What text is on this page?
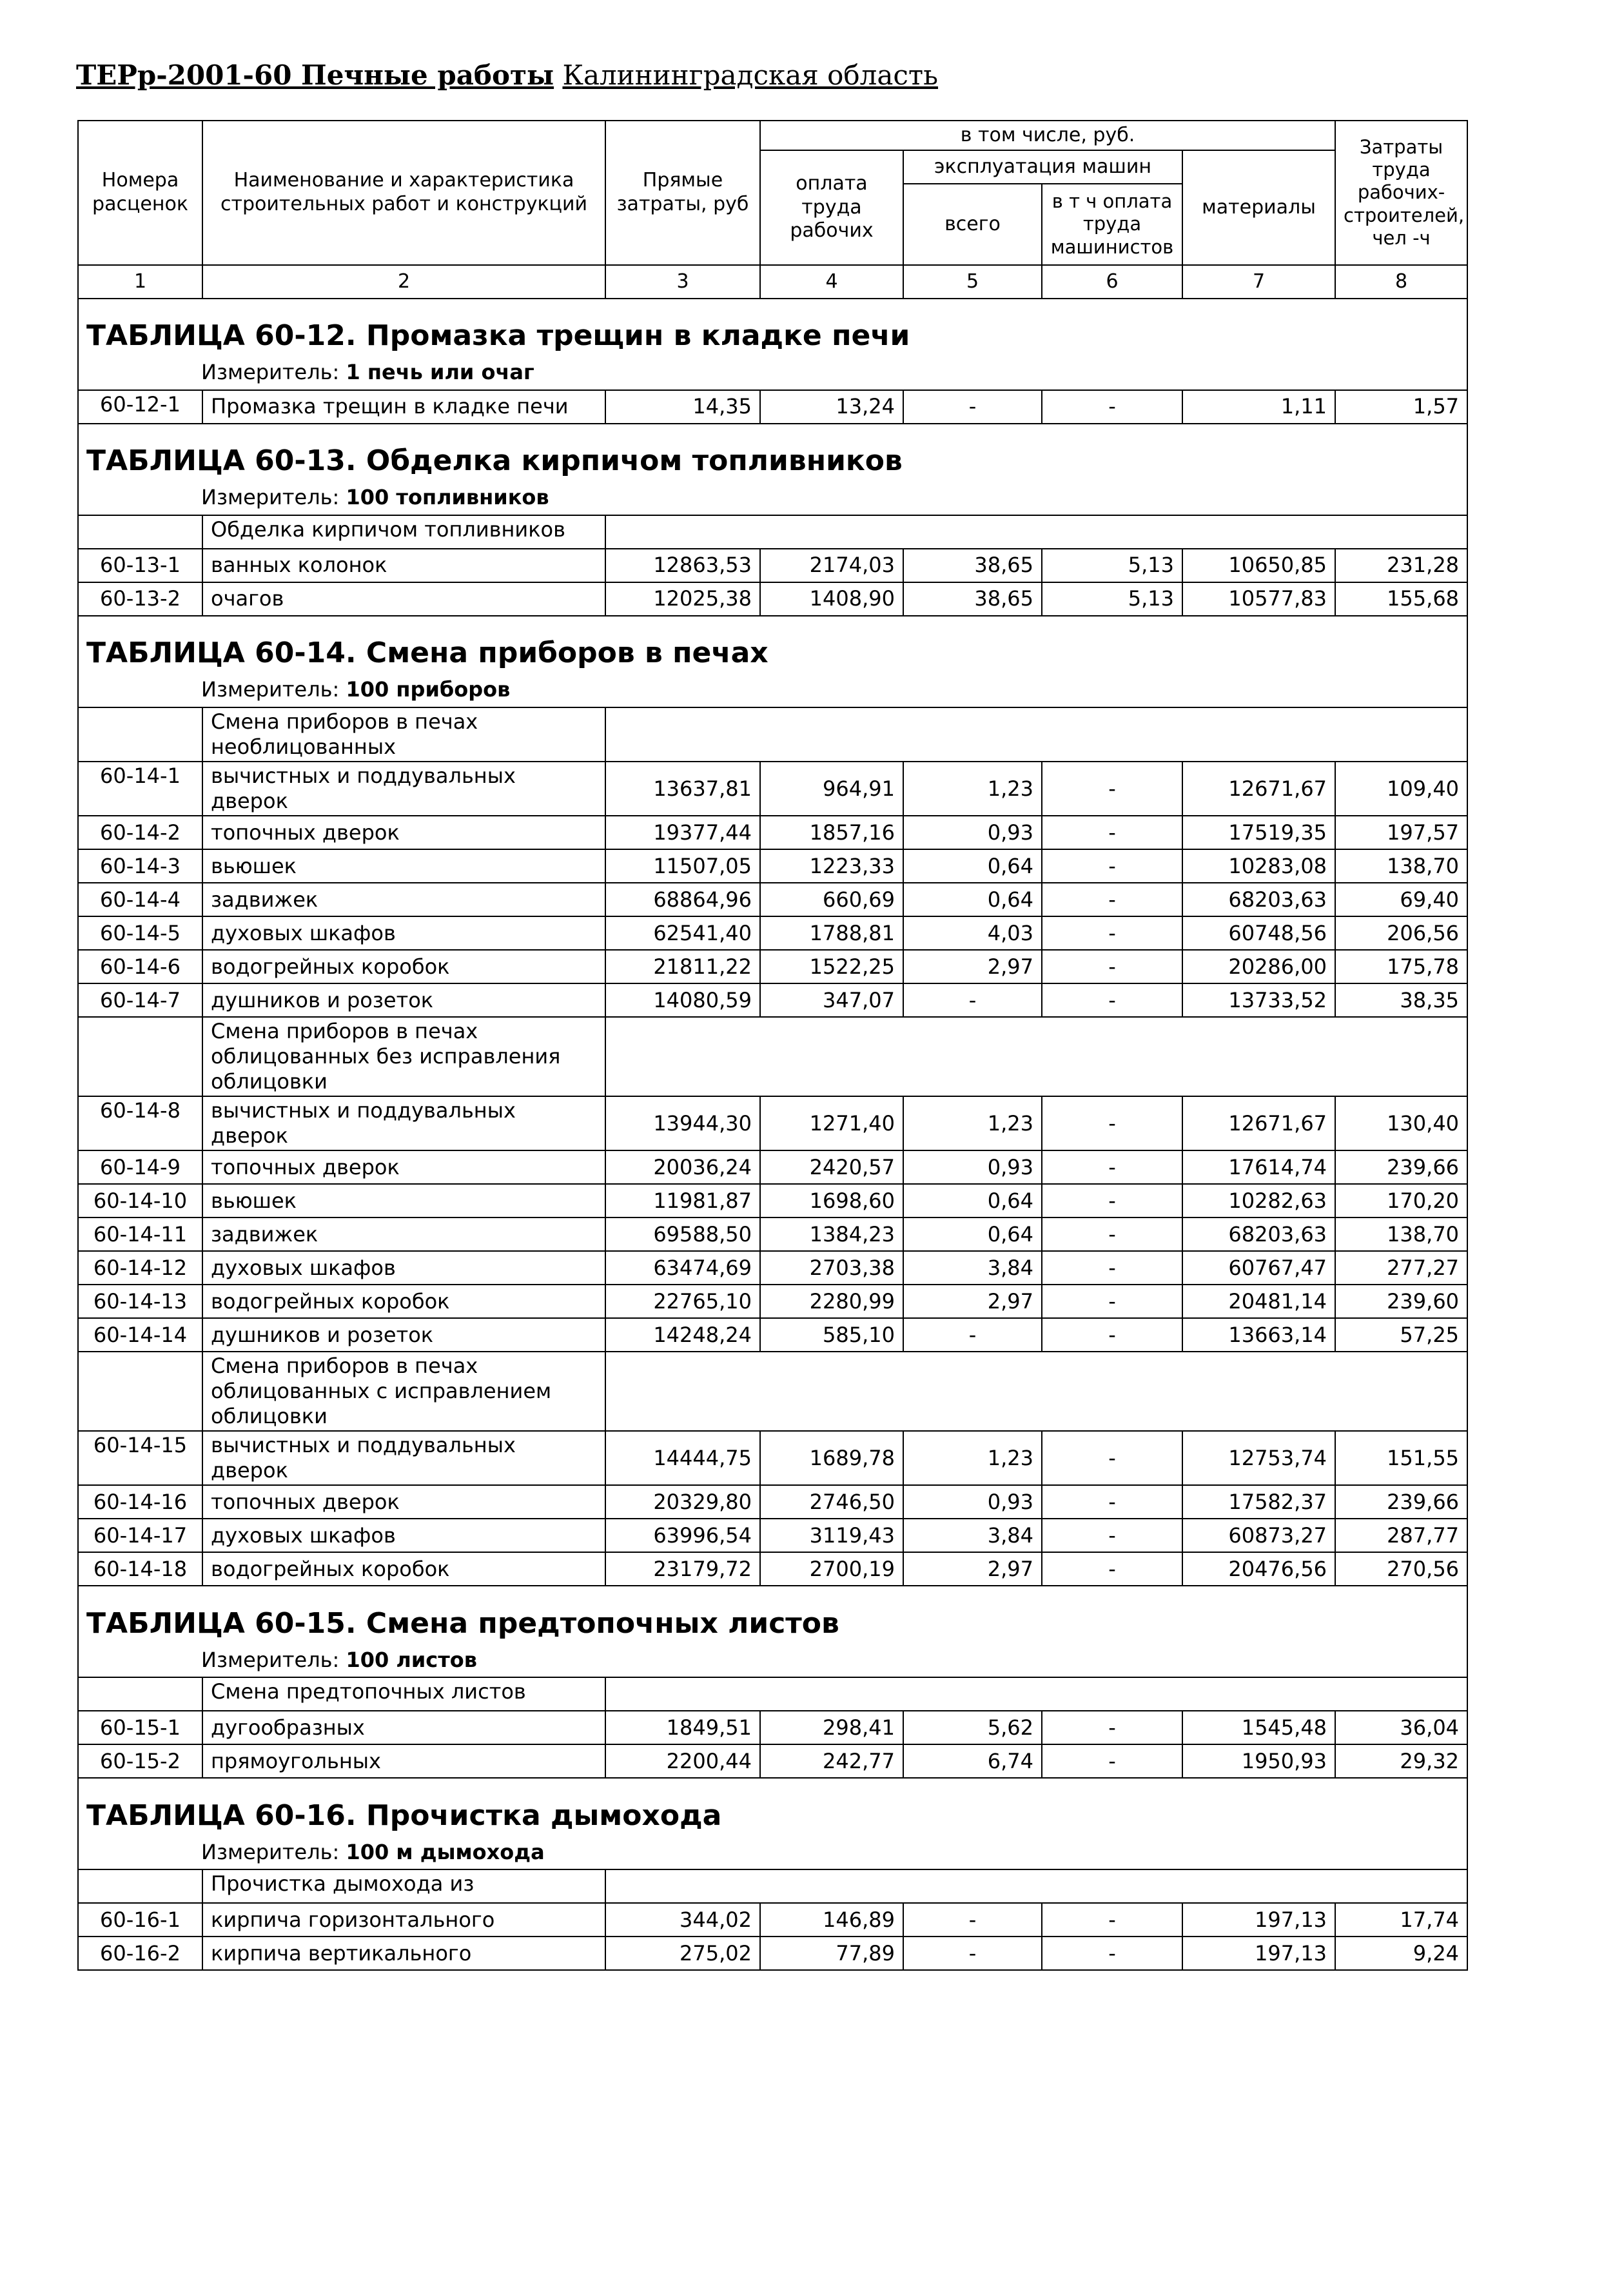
ТЕРр-2001-60 Печные работы Калининградская область
Номера расценок	Наименование и характеристика строительных работ и конструкций	Прямые затраты, руб	в том числе, руб.				Затраты труда рабочих-строителей, чел -ч
			оплата труда рабочих	эксплуатация машин		материалы	
				всего	в т ч оплата труда машинистов		
1	2	3	4	5	6	7	8
ТАБЛИЦА 60-12. Промазка трещин в кладке печи							
Измеритель: 1 печь или очаг							
60-12-1	Промазка трещин в кладке печи	14,35	13,24	-	-	1,11	1,57
ТАБЛИЦА 60-13. Обделка кирпичом топливников							
Измеритель: 100 топливников							
	Обделка кирпичом топливников						
60-13-1	ванных колонок	12863,53	2174,03	38,65	5,13	10650,85	231,28
60-13-2	очагов	12025,38	1408,90	38,65	5,13	10577,83	155,68
ТАБЛИЦА 60-14. Смена приборов в печах							
Измеритель: 100 приборов							
	Смена приборов в печах необлицованных						
60-14-1	вычистных и поддувальных дверок	13637,81	964,91	1,23	-	12671,67	109,40
60-14-2	топочных дверок	19377,44	1857,16	0,93	-	17519,35	197,57
60-14-3	вьюшек	11507,05	1223,33	0,64	-	10283,08	138,70
60-14-4	задвижек	68864,96	660,69	0,64	-	68203,63	69,40
60-14-5	духовых шкафов	62541,40	1788,81	4,03	-	60748,56	206,56
60-14-6	водогрейных коробок	21811,22	1522,25	2,97	-	20286,00	175,78
60-14-7	душников и розеток	14080,59	347,07	-	-	13733,52	38,35
	Смена приборов в печах облицованных без исправления облицовки						
60-14-8	вычистных и поддувальных дверок	13944,30	1271,40	1,23	-	12671,67	130,40
60-14-9	топочных дверок	20036,24	2420,57	0,93	-	17614,74	239,66
60-14-10	вьюшек	11981,87	1698,60	0,64	-	10282,63	170,20
60-14-11	задвижек	69588,50	1384,23	0,64	-	68203,63	138,70
60-14-12	духовых шкафов	63474,69	2703,38	3,84	-	60767,47	277,27
60-14-13	водогрейных коробок	22765,10	2280,99	2,97	-	20481,14	239,60
60-14-14	душников и розеток	14248,24	585,10	-	-	13663,14	57,25
	Смена приборов в печах облицованных с исправлением облицовки						
60-14-15	вычистных и поддувальных дверок	14444,75	1689,78	1,23	-	12753,74	151,55
60-14-16	топочных дверок	20329,80	2746,50	0,93	-	17582,37	239,66
60-14-17	духовых шкафов	63996,54	3119,43	3,84	-	60873,27	287,77
60-14-18	водогрейных коробок	23179,72	2700,19	2,97	-	20476,56	270,56
ТАБЛИЦА 60-15. Смена предтопочных листов							
Измеритель: 100 листов							
	Смена предтопочных листов						
60-15-1	дугообразных	1849,51	298,41	5,62	-	1545,48	36,04
60-15-2	прямоугольных	2200,44	242,77	6,74	-	1950,93	29,32
ТАБЛИЦА 60-16. Прочистка дымохода							
Измеритель: 100 м дымохода							
	Прочистка дымохода из						
60-16-1	кирпича горизонтального	344,02	146,89	-	-	197,13	17,74
60-16-2	кирпича вертикального	275,02	77,89	-	-	197,13	9,24
